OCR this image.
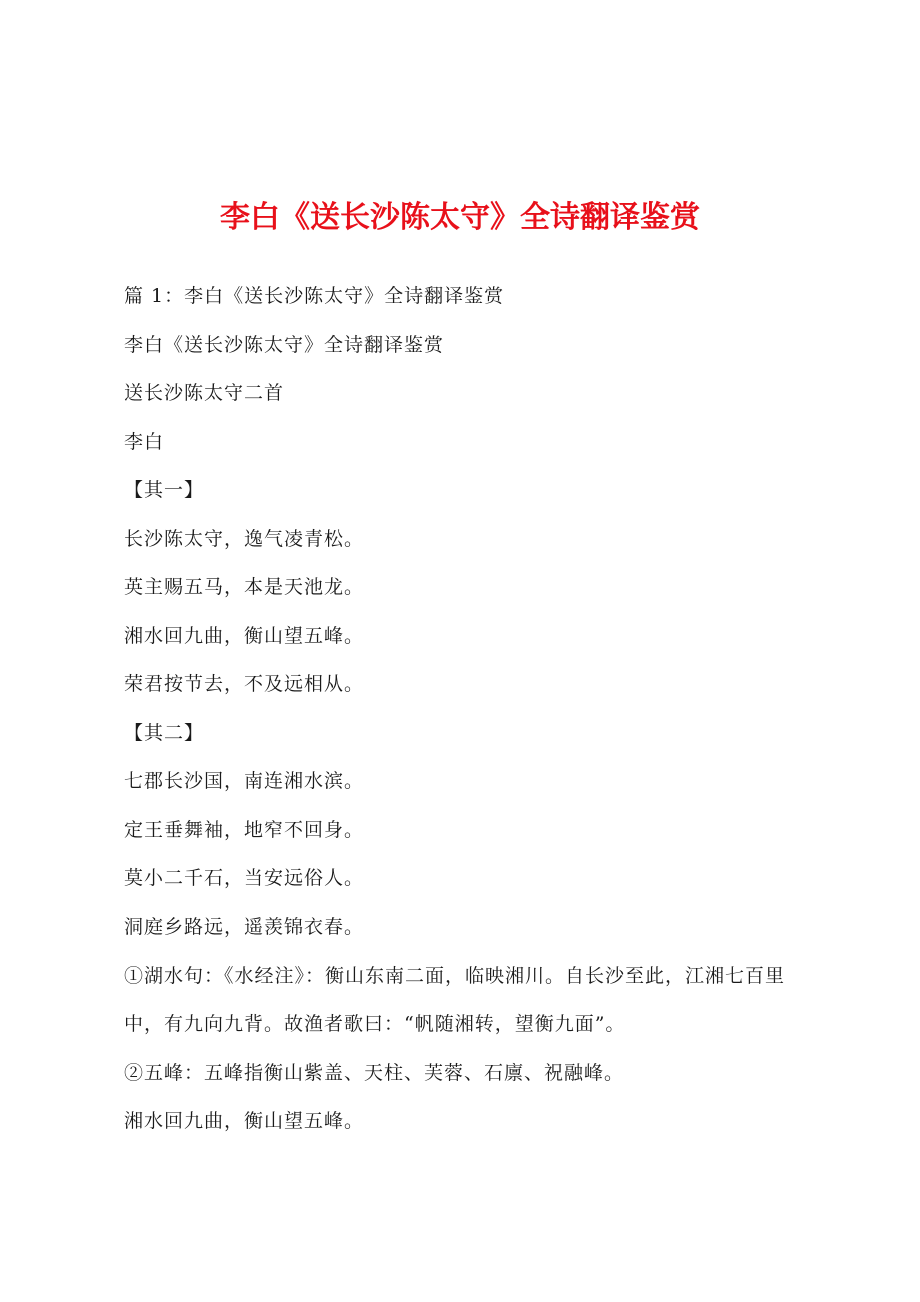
李白《送长沙陈太守》全诗翻译鉴赏

篇 1：李白《送长沙陈太守》全诗翻译鉴赏

李白《送长沙陈太守》全诗翻译鉴赏

送长沙陈太守二首

李白

【其一】

长沙陈太守，逸气凌青松。

英主赐五马，本是天池龙。

湘水回九曲，衡山望五峰。

荣君按节去，不及远相从。

【其二】

七郡长沙国，南连湘水滨。

定王垂舞袖，地窄不回身。

莫小二千石，当安远俗人。

洞庭乡路远，遥羡锦衣春。

①湖水句：《水经注》：衡山东南二面，临映湘川。自长沙至此，江湘七百里中，有九向九背。故渔者歌曰：“帆随湘转，望衡九面”。

②五峰：五峰指衡山紫盖、天柱、芙蓉、石廪、祝融峰。

湘水回九曲，衡山望五峰。
